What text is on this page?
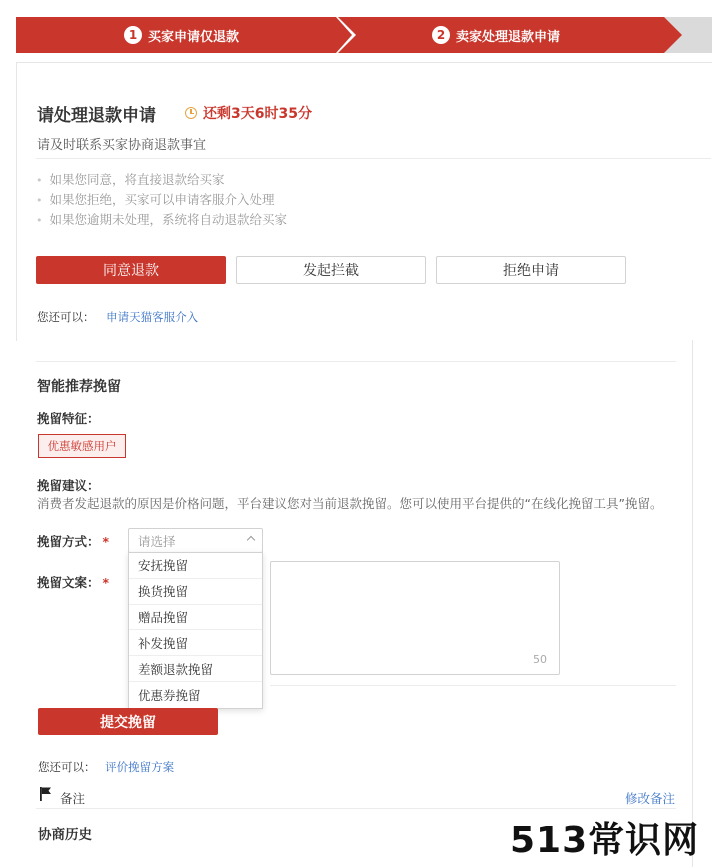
1 买家申请仅退款	2 卖家处理退款申请
请处理退款申请	还剩3天6时35分
请及时联系买家协商退款事宜
• 如果您同意，将直接退款给买家
• 如果您拒绝，买家可以申请客服介入处理
• 如果您逾期未处理，系统将自动退款给买家
同意退款	发起拦截	拒绝申请
您还可以： 申请天猫客服介入
智能推荐挽留
挽留特征：
优惠敏感用户
挽留建议：
消费者发起退款的原因是价格问题，平台建议您对当前退款挽留。您可以使用平台提供的“在线化挽留工具”挽留。
挽留方式： * 请选择
挽留文案： *
50
安抚挽留
换货挽留
赠品挽留
补发挽留
差额退款挽留
优惠券挽留
提交挽留
您还可以： 评价挽留方案
备注	修改备注
协商历史	513常识网
